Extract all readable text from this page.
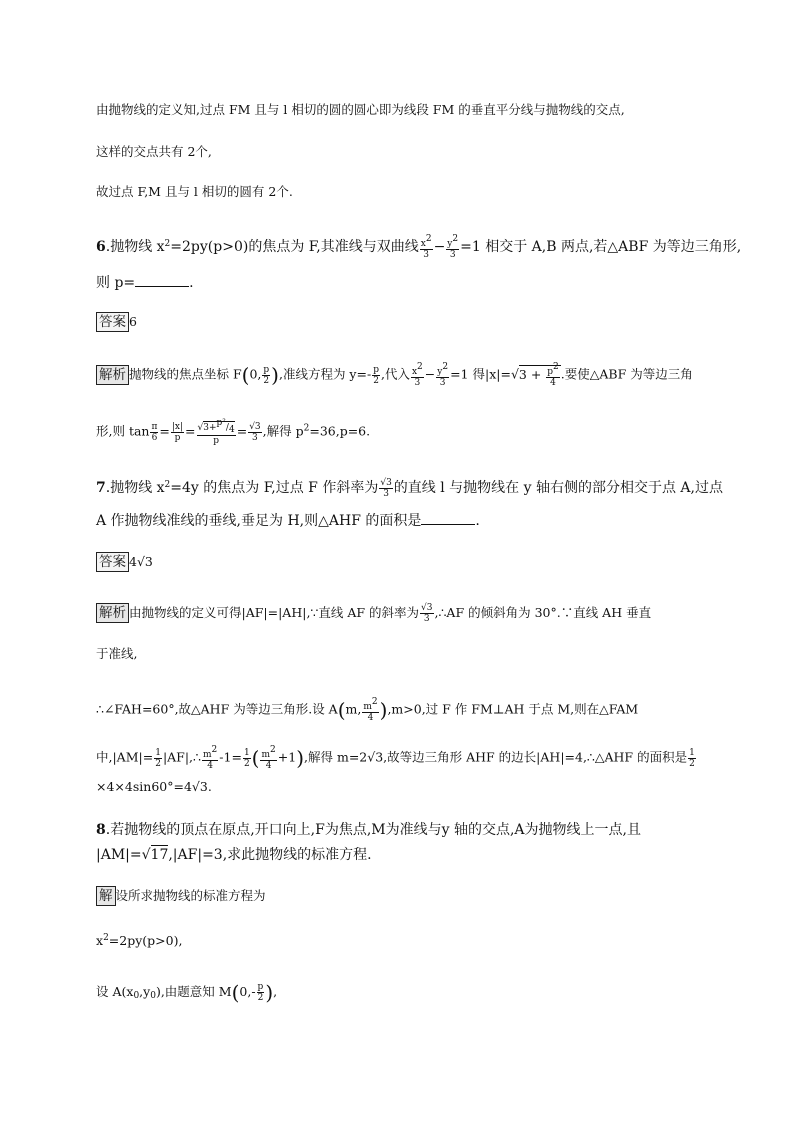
由抛物线的定义知,过点 FM 且与 l 相切的圆的圆心即为线段 FM 的垂直平分线与抛物线的交点,
这样的交点共有 2个,
故过点 F,M 且与 l 相切的圆有 2个.
6.抛物线 $x^2=2py(p>0)$的焦点为 F,其准线与双曲线 $\frac{x^2}{3} - \frac{y^2}{3} =1$ 相交于 A,B 两点,若△ABF 为等边三角形,
则 p=	.
答案 6
解析 抛物线的焦点坐标 F(0, $\frac{p}{2}$ ),准线方程为 $y=- \frac{p}{2}$ ,代入 $\frac{x^2}{3} - \frac{y^2}{3} =1$ 得$|x|=√3 + \frac{p^2}{4}$ .要使△ABF 为等边三角
形,则 $\tan \frac{\pi}{6} = \frac{|x|}{p} = \frac{√3+^{p^2}/_4}{p} = \frac{√3}{3}$ ,解得 $p^2=36,p=6$.
7.抛物线 $x^2=4y$ 的焦点为 F,过点 F 作斜率为 $\frac{√3}{3}$ 的直线 l 与抛物线在 y 轴右侧的部分相交于点 A,过点
A 作抛物线准线的垂线,垂足为 H,则△AHF 的面积是	.
答案 4√3
解析 由抛物线的定义可得|AF|=|AH|,∵直线 AF 的斜率为 $\frac{√3}{3}$ ,∴AF 的倾斜角为 30°.∵直线 AH 垂直
于准线,
∴∠FAH=60°,故△AHF 为等边三角形.设 A(m, $\frac{m^2}{4} ),m>0$,过 F 作 FM⊥AH 于点 M,则在△FAM
中$,|AM|= \frac{1}{2}$ |AF|,∴ $\frac{m^2}{4} -1= \frac{1}{2}$ ( $\frac{m^2}{4} +1$),解得 m=2√3,故等边三角形 AHF 的边长|AH|=4,∴△AHF 的面积是 $\frac{1}{2}$
×4×4sin60°=4√3.
8.若抛物线的顶点在原点,开口向上,F为焦点,M为准线与y 轴的交点,A为抛物线上一点,且
|AM|=√17,|AF|=3,求此抛物线的标准方程.
解 设所求抛物线的标准方程为
$x^2=2py(p>0)$,
设 $A(x_0,y_0)$,由题意知 $M(0,- \frac{p}{2}$ ),
